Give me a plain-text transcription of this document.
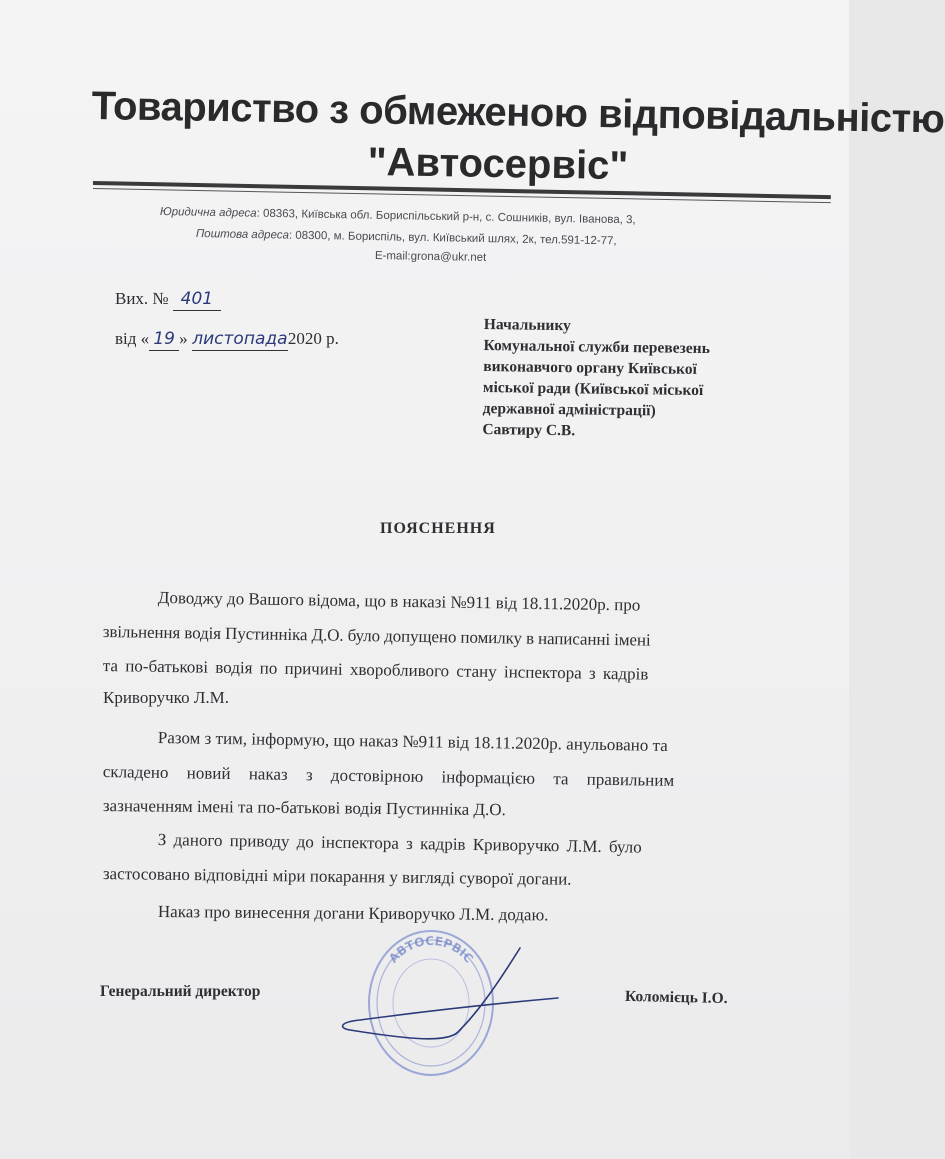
Товариство з обмеженою відповідальністю
"Автосервіс"
Юридична адреса: 08363, Київська обл. Бориспільський р-н, с. Сошників, вул. Іванова, 3,
Поштова адреса: 08300, м. Бориспіль, вул. Київський шлях, 2к, тел.591-12-77,
E-mail:grona@ukr.net
Вих. № 401
від « 19 » листопада2020 р.
Начальнику
Комунальної служби перевезень
виконавчого органу Київської
міської ради (Київської міської
державної адміністрації)
Савтиру С.В.
ПОЯСНЕННЯ
Доводжу до Вашого відома, що в наказі №911 від 18.11.2020р. про
звільнення водія Пустинніка Д.О. було допущено помилку в написанні імені
та по-батькові водія по причині хворобливого стану інспектора з кадрів
Криворучко Л.М.
Разом з тим, інформую, що наказ №911 від 18.11.2020р. анульовано та
складено новий наказ з достовірною інформацією та правильним
зазначенням імені та по-батькові водія Пустинніка Д.О.
З даного приводу до інспектора з кадрів Криворучко Л.М. було
застосовано відповідні міри покарання у вигляді суворої догани.
Наказ про винесення догани Криворучко Л.М. додаю.
АВТОСЕРВІС
Генеральний директор	Коломієць І.О.
